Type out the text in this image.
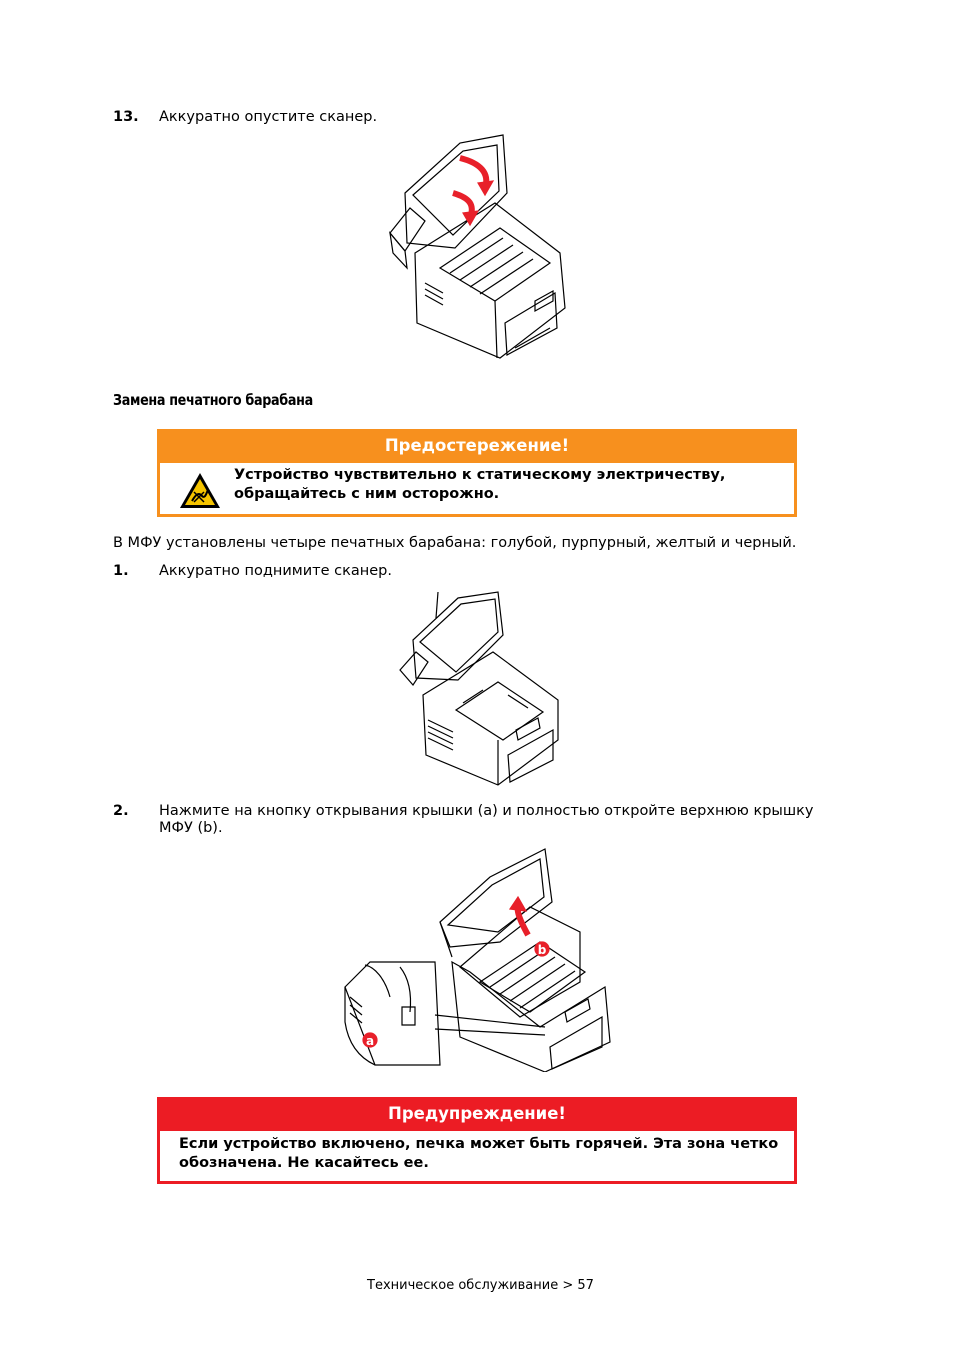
13. Аккуратно опустите сканер.
Замена печатного барабана
Предостережение!
Устройство чувствительно к статическому электричеству, обращайтесь с ним осторожно.
В МФУ установлены четыре печатных барабана: голубой, пурпурный, желтый и черный.
1. Аккуратно поднимите сканер.
2. Нажмите на кнопку открывания крышки (a) и полностью откройте верхнюю крышку МФУ (b).
b
a
Предупреждение!
Если устройство включено, печка может быть горячей. Эта зона четко обозначена. Не касайтесь ее.
Техническое обслуживание > 57
